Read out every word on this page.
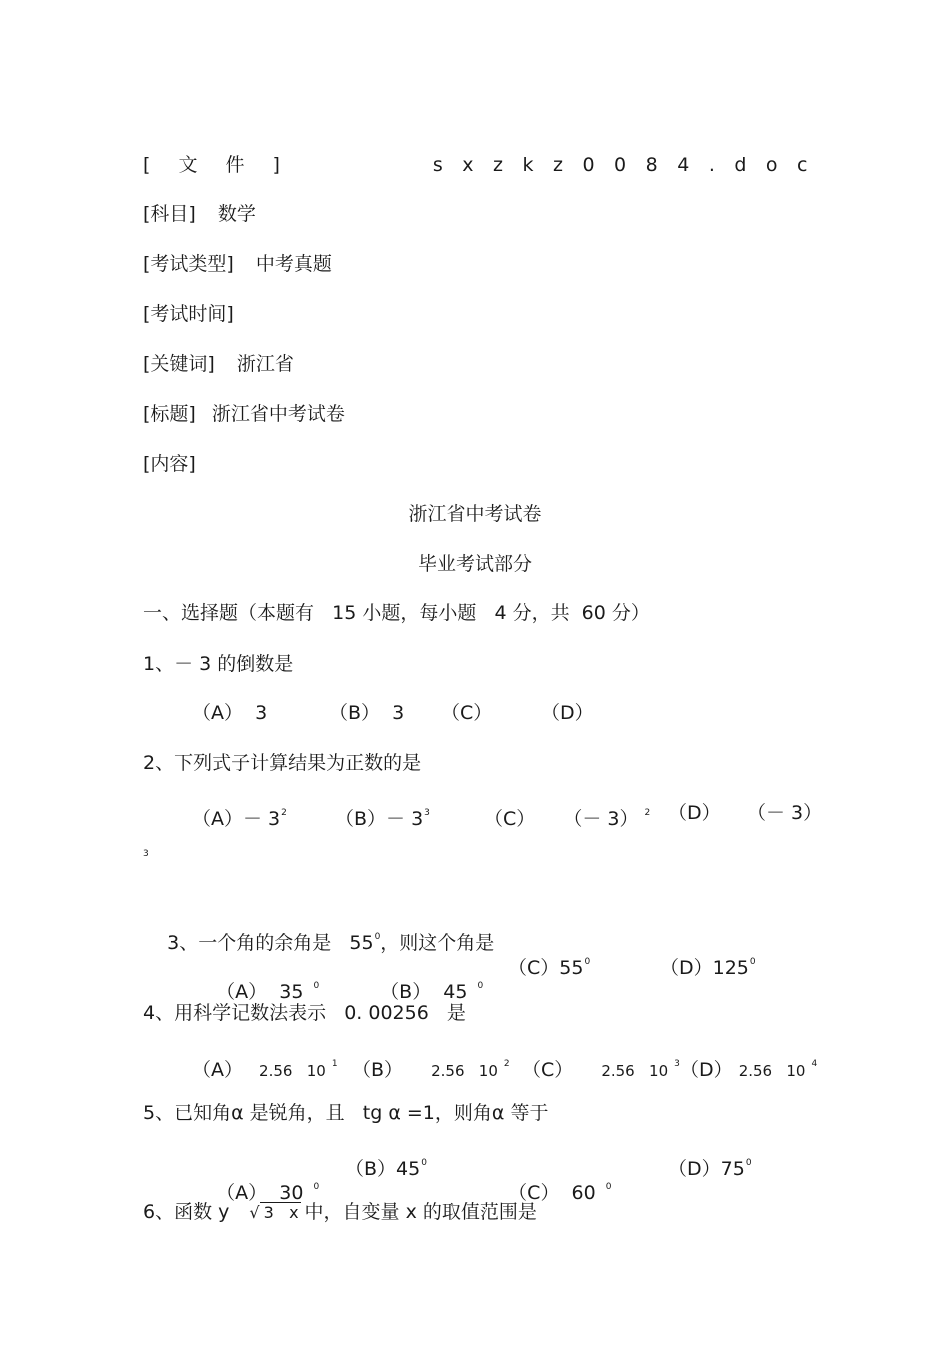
[ 文 件 ]	sxzkz0084.doc
[科目] 数学
[考试类型] 中考真题
[考试时间]
[关键词] 浙江省
[标题] 浙江省中考试卷
[内容]
浙江省中考试卷
毕业考试部分
一、选择题（本题有   15 小题，每小题   4 分，共  60 分）
1、－ 3 的倒数是
（A）  3	（B）  3 （C）	（D）
2、下列式子计算结果为正数的是
$(A)- 3^2$	$(B)- 3^3$	（C） （－ 3） $^2$ （D） （－ 3）
3

3、一个角的余角是   $55^0$，则这个角是

（A）  35 $^0$
	（B）  45 $^0$

$(C)55^0$	$(D)125^0$
4、用科学记数法表示   0. 00256   是
（A） 2.56   10 $^1$ （B） 2.56   10 $^2$ （C） 2.56   10 $^3$ （D） 2.56   10 $^4$
5、已知角α 是锐角，且   tg α =1，则角α 等于

（A）  30 $^0$

$(B)45^0$

（C）  60 $^0$

$(D)75^0$
6、函数 y √ 3   x 中，自变量 x 的取值范围是
